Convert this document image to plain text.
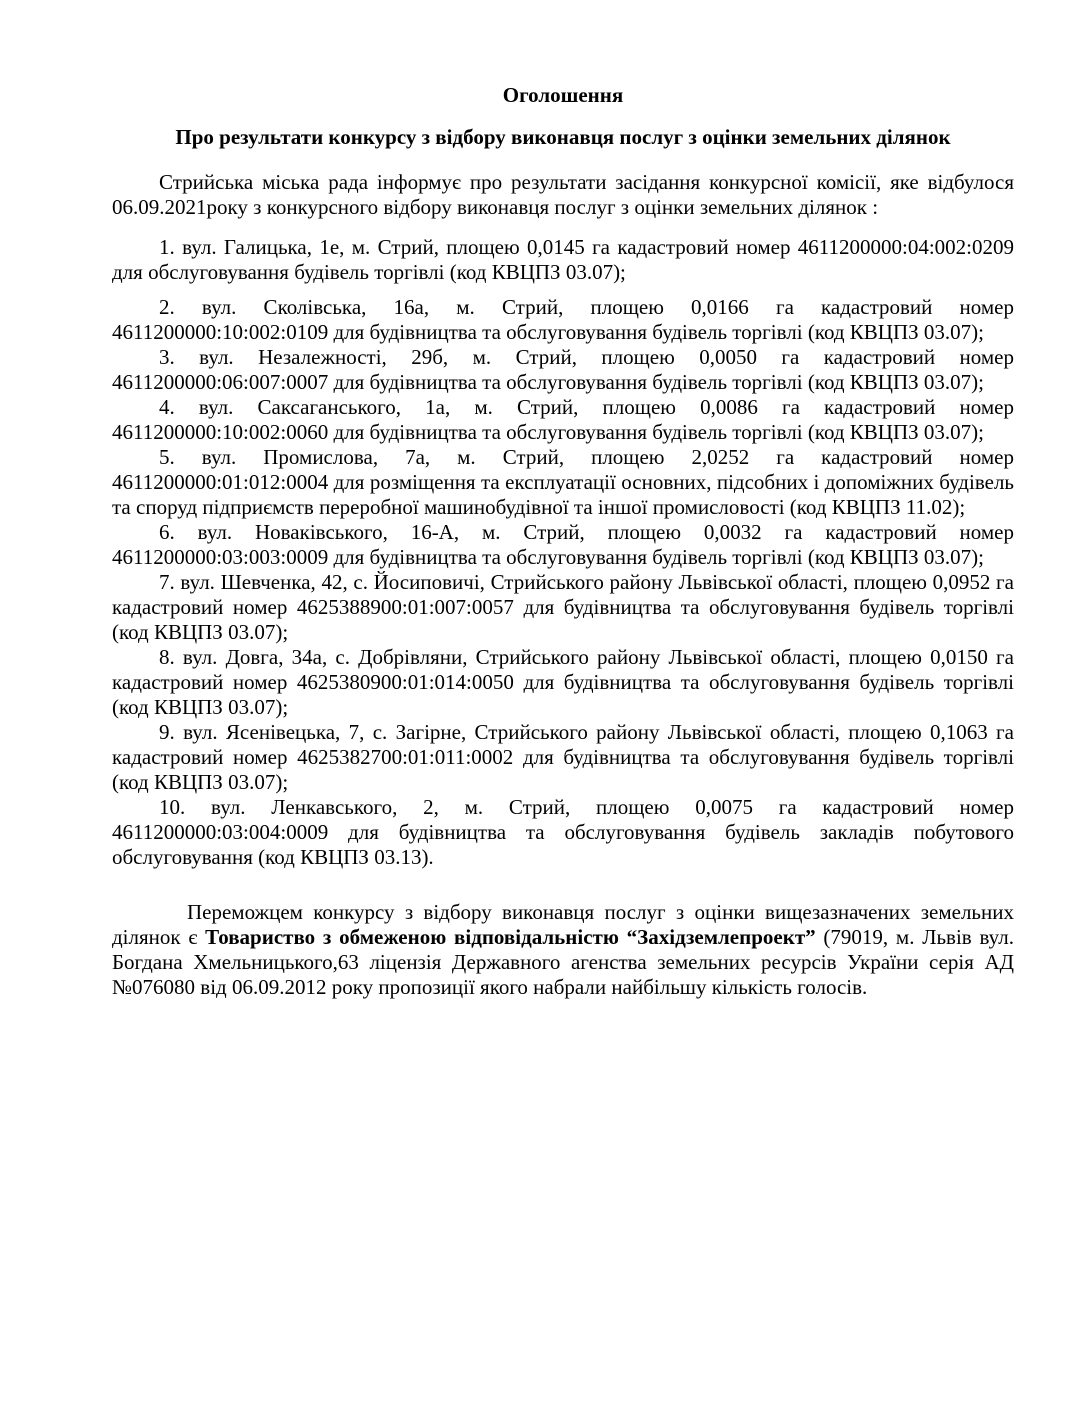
Оголошення
Про результати конкурсу з відбору виконавця послуг з оцінки земельних ділянок

Стрийська міська рада інформує про результати засідання конкурсної комісії, яке відбулося 06.09.2021року з конкурсного відбору виконавця послуг з оцінки земельних ділянок :

1. вул. Галицька, 1е, м. Стрий, площею 0,0145 га кадастровий номер 4611200000:04:002:0209 для обслуговування будівель торгівлі (код КВЦПЗ 03.07);

2. вул. Сколівська, 16а, м. Стрий, площею 0,0166 га кадастровий номер 4611200000:10:002:0109 для будівництва та обслуговування будівель торгівлі (код КВЦПЗ 03.07);

3. вул. Незалежності, 29б, м. Стрий, площею 0,0050 га кадастровий номер 4611200000:06:007:0007 для будівництва та обслуговування будівель торгівлі (код КВЦПЗ 03.07);

4. вул. Саксаганського, 1а, м. Стрий, площею 0,0086 га кадастровий номер 4611200000:10:002:0060 для будівництва та обслуговування будівель торгівлі (код КВЦПЗ 03.07);

5. вул. Промислова, 7а, м. Стрий, площею 2,0252 га кадастровий номер 4611200000:01:012:0004 для розміщення та експлуатації основних, підсобних і допоміжних будівель та споруд підприємств переробної машинобудівної та іншої промисловості (код КВЦПЗ 11.02);

6. вул. Новаківського, 16-А, м. Стрий, площею 0,0032 га кадастровий номер 4611200000:03:003:0009 для будівництва та обслуговування будівель торгівлі (код КВЦПЗ 03.07);

7. вул. Шевченка, 42, с. Йосиповичі, Стрийського району Львівської області, площею 0,0952 га кадастровий номер 4625388900:01:007:0057 для будівництва та обслуговування будівель торгівлі (код КВЦПЗ 03.07);

8. вул. Довга, 34а, с. Добрівляни, Стрийського району Львівської області, площею 0,0150 га кадастровий номер 4625380900:01:014:0050 для будівництва та обслуговування будівель торгівлі (код КВЦПЗ 03.07);

9. вул. Ясенівецька, 7, с. Загірне, Стрийського району Львівської області, площею 0,1063 га кадастровий номер 4625382700:01:011:0002 для будівництва та обслуговування будівель торгівлі (код КВЦПЗ 03.07);

10. вул. Ленкавського, 2, м. Стрий, площею 0,0075 га кадастровий номер 4611200000:03:004:0009 для будівництва та обслуговування будівель закладів побутового обслуговування (код КВЦПЗ 03.13).

Переможцем конкурсу з відбору виконавця послуг з оцінки вищезазначених земельних ділянок є Товариство з обмеженою відповідальністю “Західземлепроект” (79019, м. Львів вул. Богдана Хмельницького,63 ліцензія Державного агенства земельних ресурсів України серія АД №076080 від 06.09.2012 року пропозиції якого набрали найбільшу кількість голосів.
